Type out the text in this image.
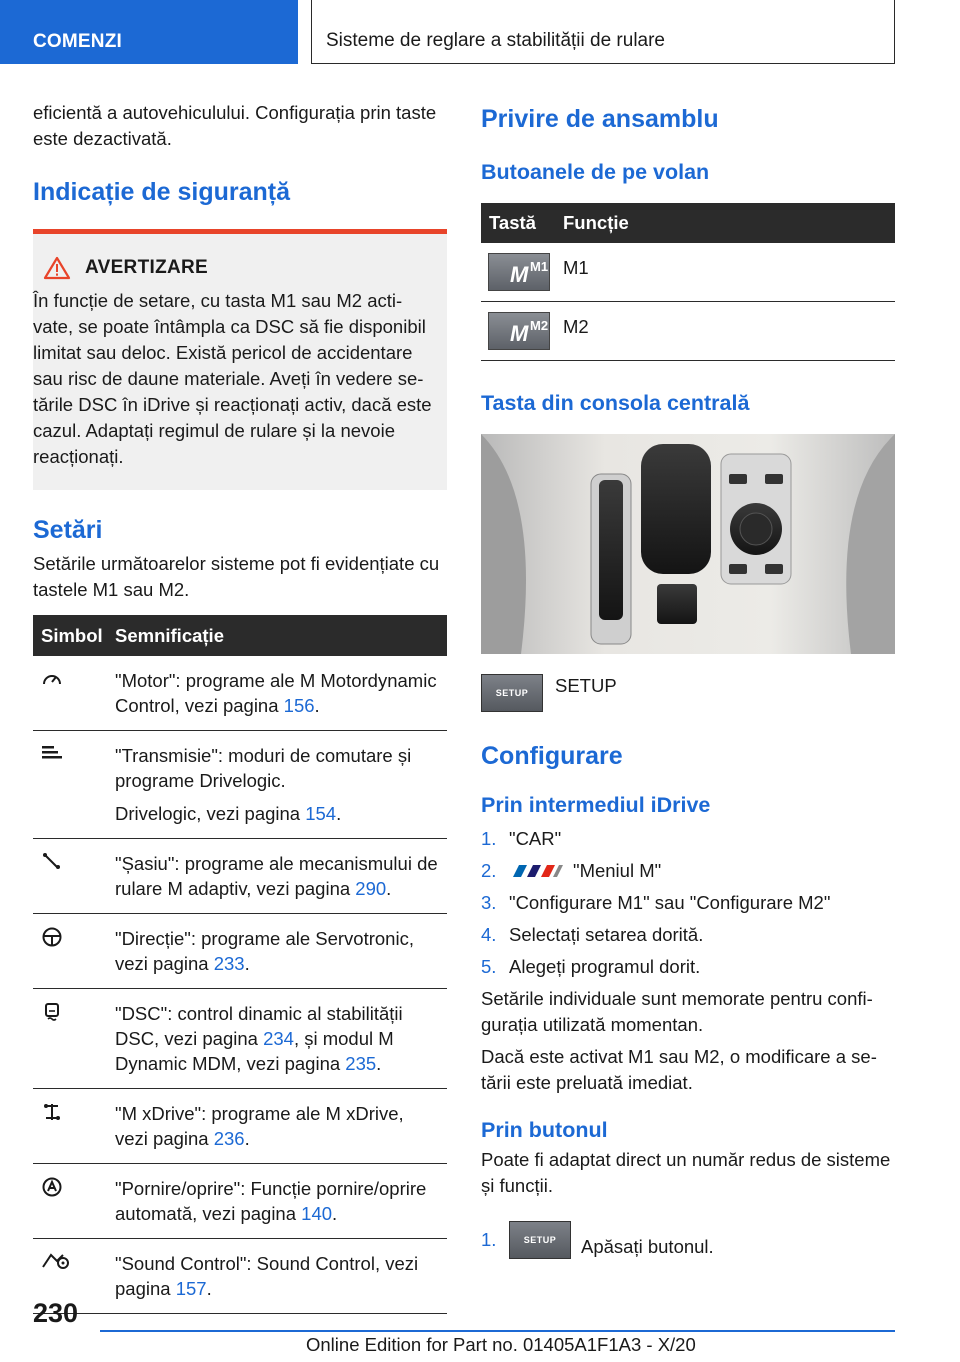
COMENZI	Sisteme de reglare a stabilității de rulare

eficientă a autovehiculului. Configurația prin taste este dezactivată.

Indicație de siguranță
AVERTIZARE

În funcție de setare, cu tasta M1 sau M2 activate, se poate întâmpla ca DSC să fie disponibil limitat sau deloc. Există pericol de accidentare sau risc de daune materiale. Aveți în vedere setările DSC în iDrive și reacționați activ, dacă este cazul. Adaptați regimul de rulare și la nevoie reacționați.

Setări

Setările următoarelor sisteme pot fi evidențiate cu tastele M1 sau M2.

Simbol	Semnificație

"Motor": programe ale M Motordynamic Control, vezi pagina 156.

"Transmisie": moduri de comutare și programe Drivelogic.

Drivelogic, vezi pagina 154.

"Șasiu": programe ale mecanismului de rulare M adaptiv, vezi pagina 290.

"Direcție": programe ale Servotronic, vezi pagina 233.

"DSC": control dinamic al stabilității DSC, vezi pagina 234, și modul M Dynamic MDM, vezi pagina 235.

"M xDrive": programe ale M xDrive, vezi pagina 236.

"Pornire/oprire": Funcție pornire/oprire automată, vezi pagina 140.

"Sound Control": Sound Control, vezi pagina 157.

Privire de ansamblu
Butoanele de pe volan
Tastă	Funcție

M M1	M1

M M2	M2
Tasta din consola centrală
SETUP SETUP
Configurare
Prin intermediul iDrive
1. "CAR"
2.	"Meniul M"
3. "Configurare M1" sau "Configurare M2"
4. Selectați setarea dorită.
5. Alegeți programul dorit.

Setările individuale sunt memorate pentru configurația utilizată momentan.

Dacă este activat M1 sau M2, o modificare a setării este preluată imediat.

Prin butonul

Poate fi adaptat direct un număr redus de sisteme și funcții.

1.	SETUP Apăsați butonul.
230
Online Edition for Part no. 01405A1F1A3 - X/20
